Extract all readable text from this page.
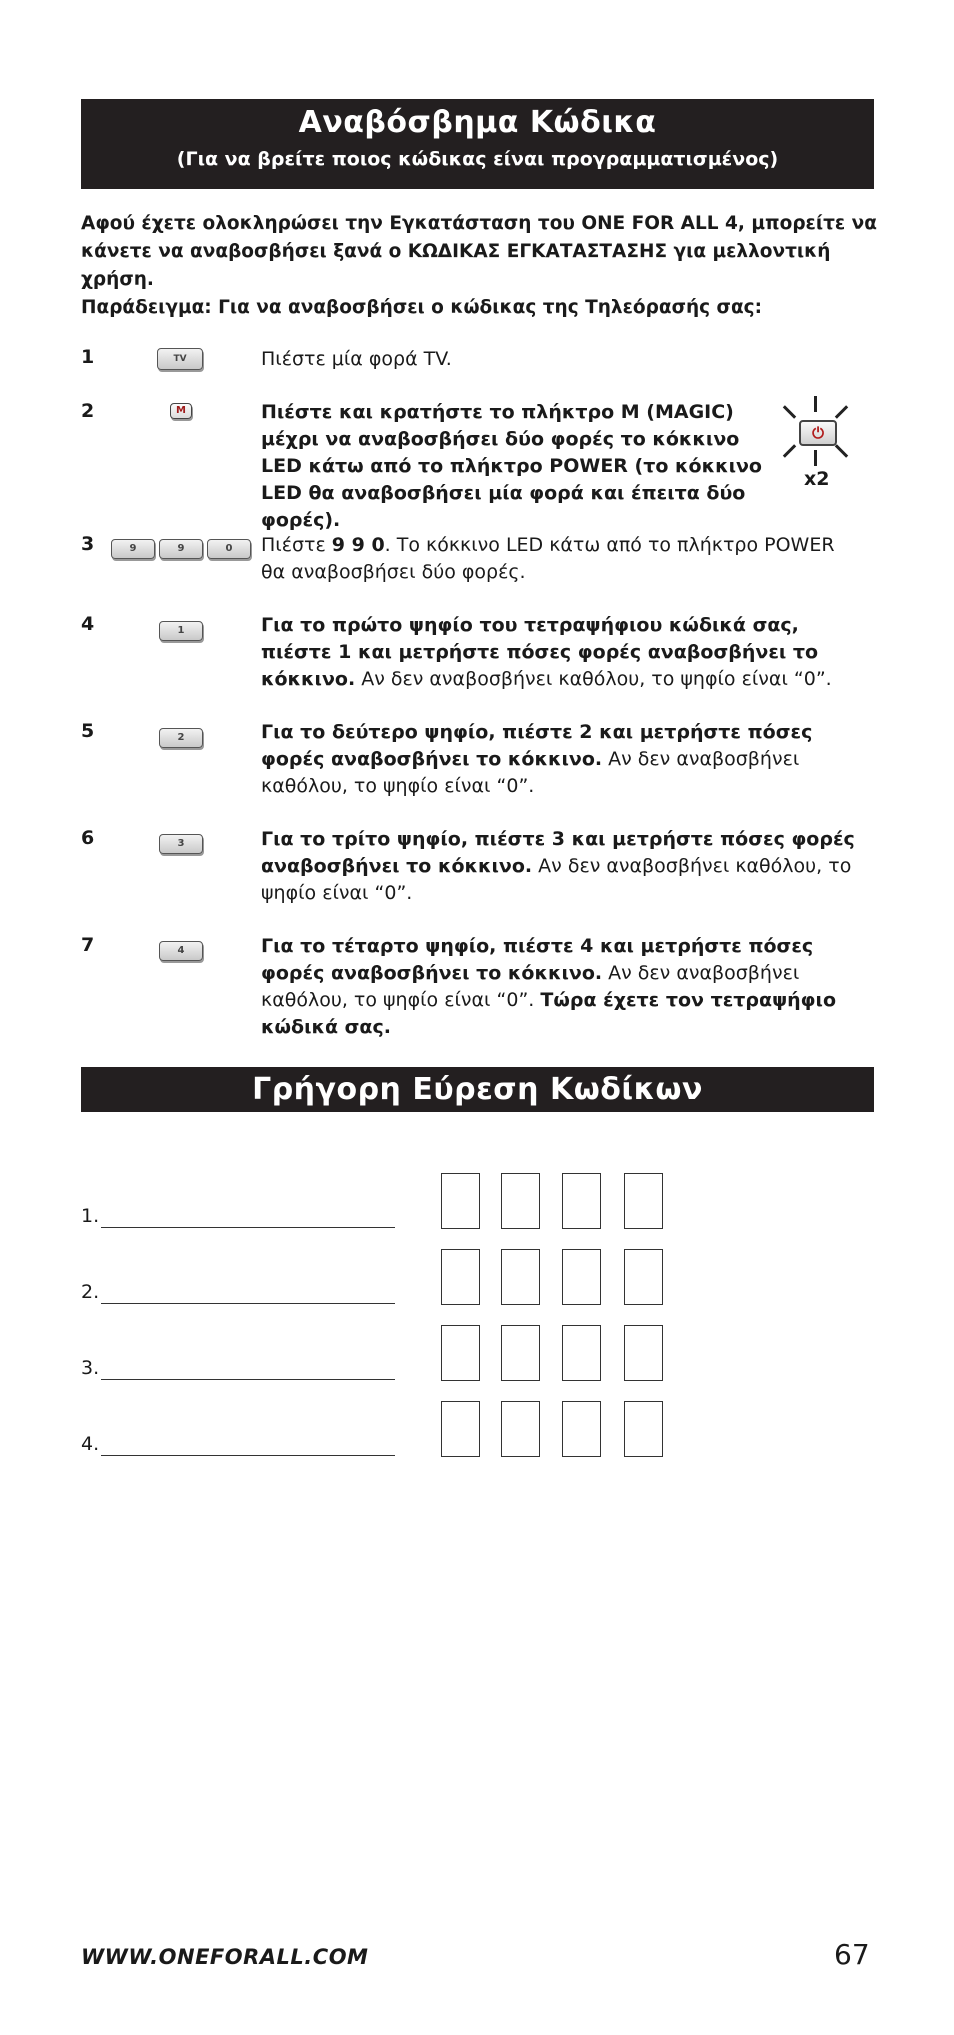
Αναβόσβημα Κώδικα
(Για να βρείτε ποιος κώδικας είναι προγραμματισμένος)
Αφού έχετε ολοκληρώσει την Εγκατάσταση του ONE FOR ALL 4, μπορείτε να κάνετε να αναβοσβήσει ξανά ο ΚΩΔΙΚΑΣ ΕΓΚΑΤΑΣΤΑΣΗΣ για μελλοντική χρήση.
Παράδειγμα: Για να αναβοσβήσει ο κώδικας της Τηλεόρασής σας:
1	TV	Πιέστε μία φορά TV.
2	M	Πιέστε και κρατήστε το πλήκτρο M (MAGIC) μέχρι να αναβοσβήσει δύο φορές το κόκκινο LED κάτω από το πλήκτρο POWER (το κόκκινο LED θα αναβοσβήσει μία φορά και έπειτα δύο φορές).
⏻
x2
3	9	9	0	Πιέστε 9 9 0. Το κόκκινο LED κάτω από το πλήκτρο POWER θα αναβοσβήσει δύο φορές.
4	1	Για το πρώτο ψηφίο του τετραψήφιου κώδικά σας, πιέστε 1 και μετρήστε πόσες φορές αναβοσβήνει το κόκκινο. Αν δεν αναβοσβήνει καθόλου, το ψηφίο είναι “0”.
5	2	Για το δεύτερο ψηφίο, πιέστε 2 και μετρήστε πόσες φορές αναβοσβήνει το κόκκινο. Αν δεν αναβοσβήνει καθόλου, το ψηφίο είναι “0”.
6	3	Για το τρίτο ψηφίο, πιέστε 3 και μετρήστε πόσες φορές αναβοσβήνει το κόκκινο. Αν δεν αναβοσβήνει καθόλου, το ψηφίο είναι “0”.
7	4	Για το τέταρτο ψηφίο, πιέστε 4 και μετρήστε πόσες φορές αναβοσβήνει το κόκκινο. Αν δεν αναβοσβήνει καθόλου, το ψηφίο είναι “0”. Τώρα έχετε τον τετραψήφιο κώδικά σας.
Γρήγορη Εύρεση Κωδίκων
1.
2.
3.
4.
WWW.ONEFORALL.COM	67
